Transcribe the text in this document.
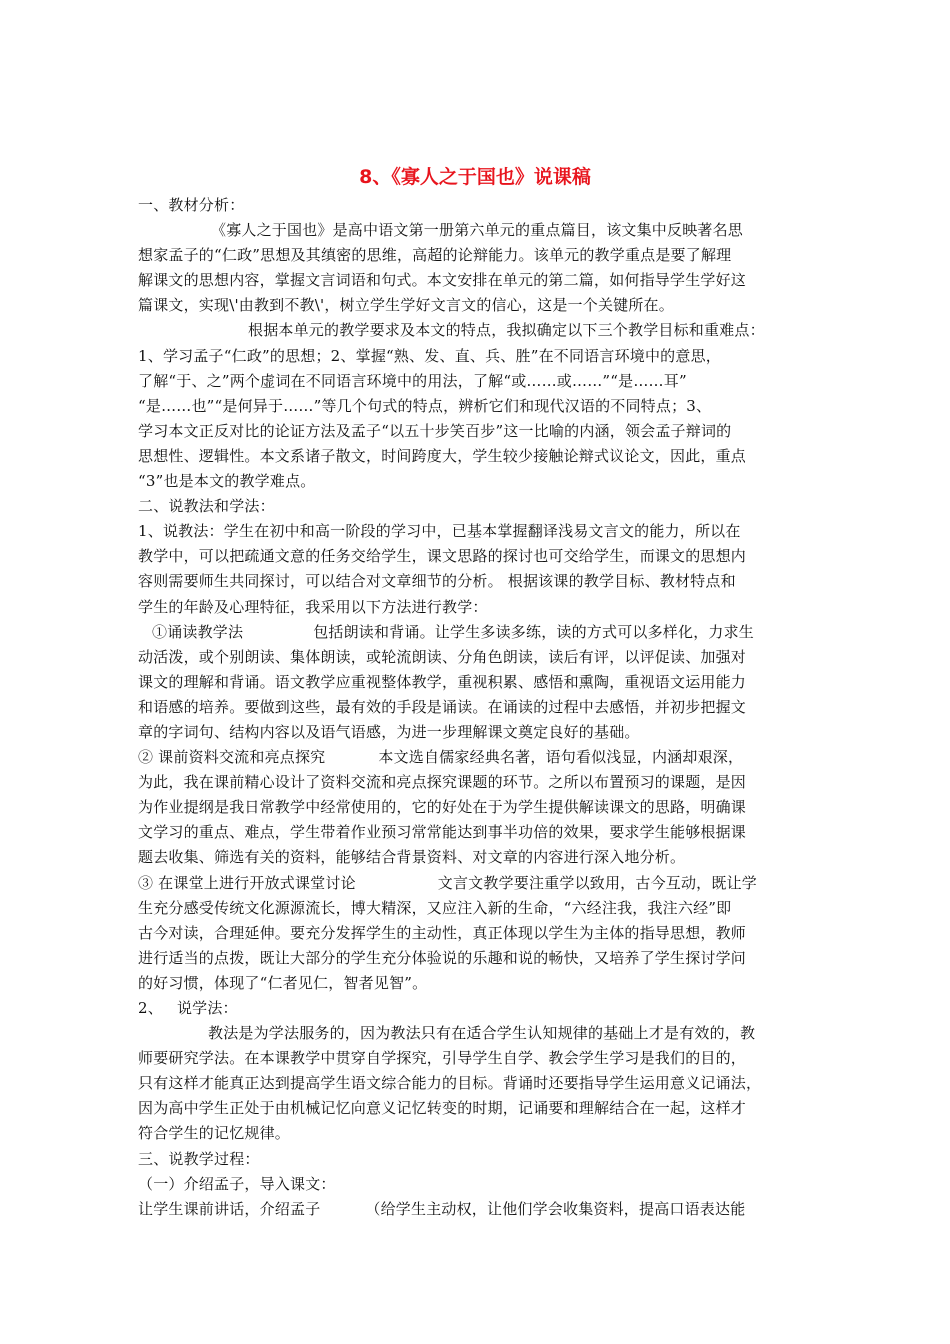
8、《寡人之于国也》说课稿
一、教材分析：
《寡人之于国也》是高中语文第一册第六单元的重点篇目，该文集中反映著名思
想家孟子的“仁政”思想及其缜密的思维，高超的论辩能力。该单元的教学重点是要了解理
解课文的思想内容，掌握文言词语和句式。本文安排在单元的第二篇，如何指导学生学好这
篇课文，实现\'由教到不教\'，树立学生学好文言文的信心，这是一个关键所在。
根据本单元的教学要求及本文的特点，我拟确定以下三个教学目标和重难点：
1、学习孟子“仁政”的思想；2、掌握“熟、发、直、兵、胜”在不同语言环境中的意思，
了解“于、之”两个虚词在不同语言环境中的用法，了解“或……或……”“是……耳”
“是……也”“是何异于……”等几个句式的特点，辨析它们和现代汉语的不同特点；3、
学习本文正反对比的论证方法及孟子“以五十步笑百步”这一比喻的内涵，领会孟子辩词的
思想性、逻辑性。本文系诸子散文，时间跨度大，学生较少接触论辩式议论文，因此，重点
“3”也是本文的教学难点。
二、说教法和学法：
1、说教法：学生在初中和高一阶段的学习中，已基本掌握翻译浅易文言文的能力，所以在
教学中，可以把疏通文意的任务交给学生，课文思路的探讨也可交给学生，而课文的思想内
容则需要师生共同探讨，可以结合对文章细节的分析。 根据该课的教学目标、教材特点和
学生的年龄及心理特征，我采用以下方法进行教学：
①诵读教学法	包括朗读和背诵。让学生多读多练，读的方式可以多样化，力求生
动活泼，或个别朗读、集体朗读，或轮流朗读、分角色朗读，读后有评，以评促读、加强对
课文的理解和背诵。语文教学应重视整体教学，重视积累、感悟和熏陶，重视语文运用能力
和语感的培养。要做到这些，最有效的手段是诵读。在诵读的过程中去感悟，并初步把握文
章的字词句、结构内容以及语气语感，为进一步理解课文奠定良好的基础。
② 课前资料交流和亮点探究	本文选自儒家经典名著，语句看似浅显，内涵却艰深，
为此，我在课前精心设计了资料交流和亮点探究课题的环节。之所以布置预习的课题，是因
为作业提纲是我日常教学中经常使用的，它的好处在于为学生提供解读课文的思路，明确课
文学习的重点、难点，学生带着作业预习常常能达到事半功倍的效果，要求学生能够根据课
题去收集、筛选有关的资料，能够结合背景资料、对文章的内容进行深入地分析。
③ 在课堂上进行开放式课堂讨论	文言文教学要注重学以致用，古今互动，既让学
生充分感受传统文化源源流长，博大精深，又应注入新的生命，“六经注我，我注六经”即
古今对读，合理延伸。要充分发挥学生的主动性，真正体现以学生为主体的指导思想，教师
进行适当的点拨，既让大部分的学生充分体验说的乐趣和说的畅快，又培养了学生探讨学问
的好习惯，体现了“仁者见仁，智者见智”。
2、 说学法：
教法是为学法服务的，因为教法只有在适合学生认知规律的基础上才是有效的，教
师要研究学法。在本课教学中贯穿自学探究，引导学生自学、教会学生学习是我们的目的，
只有这样才能真正达到提高学生语文综合能力的目标。背诵时还要指导学生运用意义记诵法，
因为高中学生正处于由机械记忆向意义记忆转变的时期，记诵要和理解结合在一起，这样才
符合学生的记忆规律。
三、说教学过程：
（一）介绍孟子，导入课文：
让学生课前讲话，介绍孟子	（给学生主动权，让他们学会收集资料，提高口语表达能
